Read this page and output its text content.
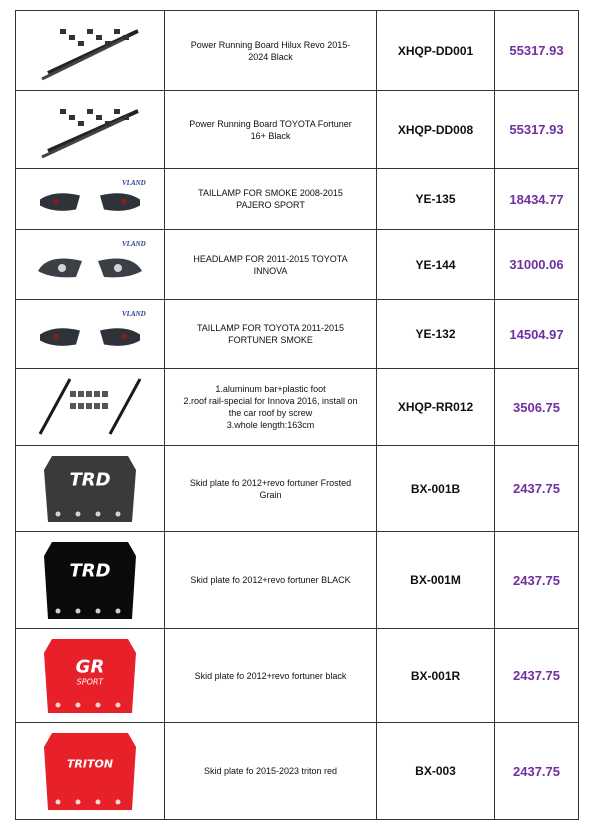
Power Running Board Hilux Revo 2015-
2024 Black	XHQP-DD001	55317.93

Power Running Board TOYOTA Fortuner
16+ Black	XHQP-DD008	55317.93

VLAND	TAILLAMP FOR SMOKE 2008-2015
PAJERO SPORT	YE-135	18434.77

VLAND	HEADLAMP FOR 2011-2015 TOYOTA
INNOVA	YE-144	31000.06

VLAND	TAILLAMP FOR TOYOTA 2011-2015
FORTUNER SMOKE	YE-132	14504.97

1.aluminum bar+plastic foot
2.roof rail-special for Innova 2016, install on
the car roof by screw
3.whole length:163cm	XHQP-RR012	3506.75

TRD	Skid plate fo 2012+revo fortuner Frosted
Grain	BX-001B	2437.75

TRD	Skid plate fo 2012+revo fortuner BLACK	BX-001M	2437.75

GR
SPORT	Skid plate fo 2012+revo fortuner black	BX-001R	2437.75

TRITON	Skid plate fo 2015-2023 triton red	BX-003	2437.75
